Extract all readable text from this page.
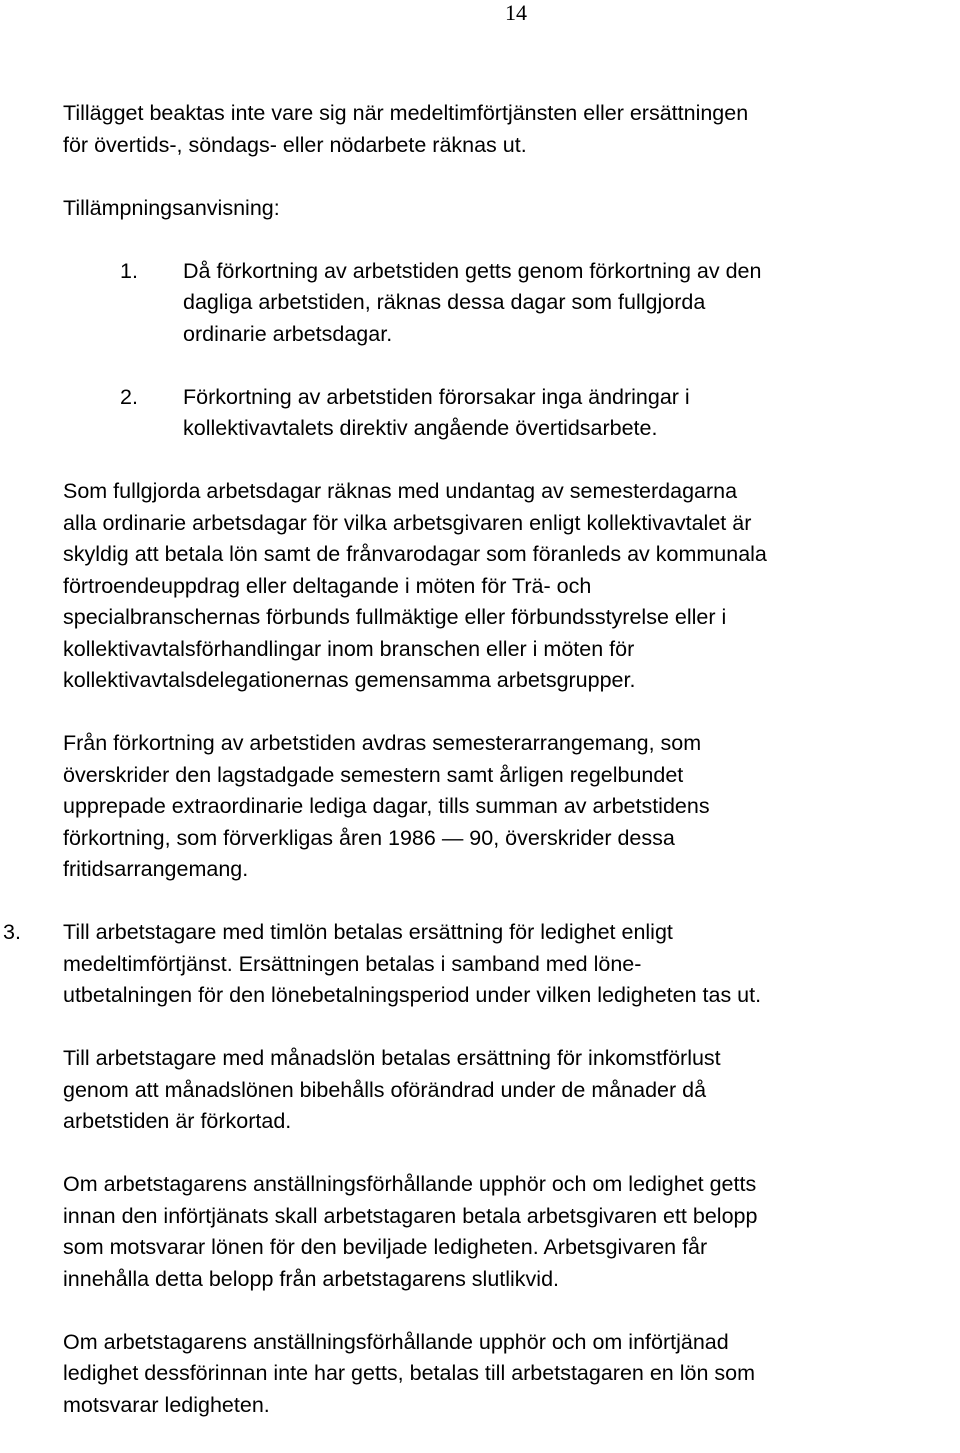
14

Tillägget beaktas inte vare sig när medeltimförtjänsten eller ersättningen
för övertids-, söndags- eller nödarbete räknas ut.

Tillämpningsanvisning:

1. Då förkortning av arbetstiden getts genom förkortning av den
dagliga arbetstiden, räknas dessa dagar som fullgjorda
ordinarie arbetsdagar.
2. Förkortning av arbetstiden förorsakar inga ändringar i
kollektivavtalets direktiv angående övertidsarbete.

Som fullgjorda arbetsdagar räknas med undantag av semesterdagarna
alla ordinarie arbetsdagar för vilka arbetsgivaren enligt kollektivavtalet är
skyldig att betala lön samt de frånvarodagar som föranleds av kommunala
förtroendeuppdrag eller deltagande i möten för Trä- och
specialbranschernas förbunds fullmäktige eller förbundsstyrelse eller i
kollektivavtalsförhandlingar inom branschen eller i möten för
kollektivavtalsdelegationernas gemensamma arbetsgrupper.

Från förkortning av arbetstiden avdras semesterarrangemang, som
överskrider den lagstadgade semestern samt årligen regelbundet
upprepade extraordinarie lediga dagar, tills summan av arbetstidens
förkortning, som förverkligas åren 1986 — 90, överskrider dessa
fritidsarrangemang.

3. Till arbetstagare med timlön betalas ersättning för ledighet enligt
medeltimförtjänst. Ersättningen betalas i samband med löne-
utbetalningen för den lönebetalningsperiod under vilken ledigheten tas ut.

Till arbetstagare med månadslön betalas ersättning för inkomstförlust
genom att månadslönen bibehålls oförändrad under de månader då
arbetstiden är förkortad.

Om arbetstagarens anställningsförhållande upphör och om ledighet getts
innan den införtjänats skall arbetstagaren betala arbetsgivaren ett belopp
som motsvarar lönen för den beviljade ledigheten. Arbetsgivaren får
innehålla detta belopp från arbetstagarens slutlikvid.

Om arbetstagarens anställningsförhållande upphör och om införtjänad
ledighet dessförinnan inte har getts, betalas till arbetstagaren en lön som
motsvarar ledigheten.
